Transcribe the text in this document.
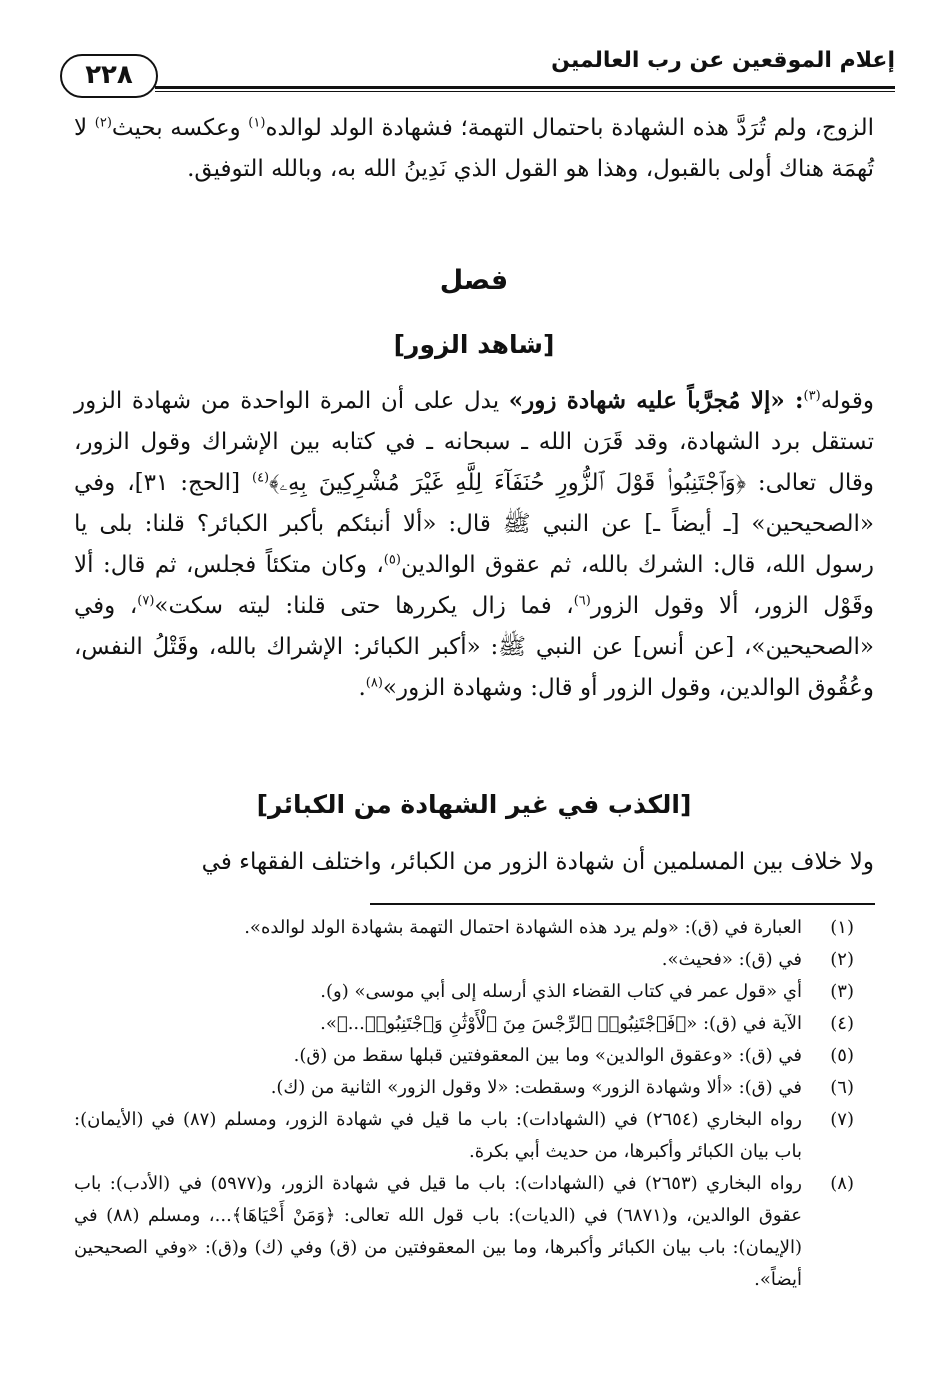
إعلام الموقعين عن رب العالمين
٢٢٨

الزوج، ولم تُرَدَّ هذه الشهادة باحتمال التهمة؛ فشهادة الولد لوالده$^{(١)}$ وعكسه بحيث$^{(٢)}$ لا تُهمَة هناك أولى بالقبول، وهذا هو القول الذي نَدِينُ الله به، وبالله التوفيق.

فصل
[شاهد الزور]

وقوله$^{(٣)}$: «إلا مُجرَّباً عليه شهادة زور» يدل على أن المرة الواحدة من شهادة الزور تستقل برد الشهادة، وقد قَرَن الله ـ سبحانه ـ في كتابه بين الإشراك وقول الزور، وقال تعالى: ﴿وَٱجْتَنِبُوا۟ قَوْلَ ٱلزُّورِ حُنَفَآءَ لِلَّهِ غَيْرَ مُشْرِكِينَ بِهِۦ﴾$^{(٤)}$ [الحج: ٣١]، وفي «الصحيحين» [ـ أيضاً ـ] عن النبي ﷺ قال: «ألا أنبئكم بأكبر الكبائر؟ قلنا: بلى يا رسول الله، قال: الشرك بالله، ثم عقوق الوالدين$^{(٥)}$، وكان متكئاً فجلس، ثم قال: ألا وقَوْل الزور، ألا وقول الزور$^{(٦)}$، فما زال يكررها حتى قلنا: ليته سكت»$^{(٧)}$، وفي «الصحيحين»، [عن أنس] عن النبي ﷺ: «أكبر الكبائر: الإشراك بالله، وقَتْلُ النفس، وعُقُوق الوالدين، وقول الزور أو قال: وشهادة الزور»$^{(٨)}$.

[الكذب في غير الشهادة من الكبائر]

ولا خلاف بين المسلمين أن شهادة الزور من الكبائر، واختلف الفقهاء في

(١)
العبارة في (ق): «ولم يرد هذه الشهادة احتمال التهمة بشهادة الولد لوالده».
(٢)
في (ق): «فحيث».
(٣)
أي «قول عمر في كتاب القضاء الذي أرسله إلى أبي موسى» (و).
(٤)
الآية في (ق): «﴿فَٱجْتَنِبُوا۟ ٱلرِّجْسَ مِنَ ٱلْأَوْثَٰنِ وَٱجْتَنِبُوا۟...﴾».
(٥)
في (ق): «وعقوق الوالدين» وما بين المعقوفتين قبلها سقط من (ق).
(٦)
في (ق): «ألا وشهادة الزور» وسقطت: «لا وقول الزور» الثانية من (ك).
(٧)
رواه البخاري (٢٦٥٤) في (الشهادات): باب ما قيل في شهادة الزور، ومسلم (٨٧) في (الأيمان): باب بيان الكبائر وأكبرها، من حديث أبي بكرة.
(٨)
رواه البخاري (٢٦٥٣) في (الشهادات): باب ما قيل في شهادة الزور، و(٥٩٧٧) في (الأدب): باب عقوق الوالدين، و(٦٨٧١) في (الديات): باب قول الله تعالى: ﴿وَمَنْ أَحْيَاهَا﴾...، ومسلم (٨٨) في (الإيمان): باب بيان الكبائر وأكبرها، وما بين المعقوفتين من (ق) وفي (ك) و(ق): «وفي الصحيحين أيضاً».
